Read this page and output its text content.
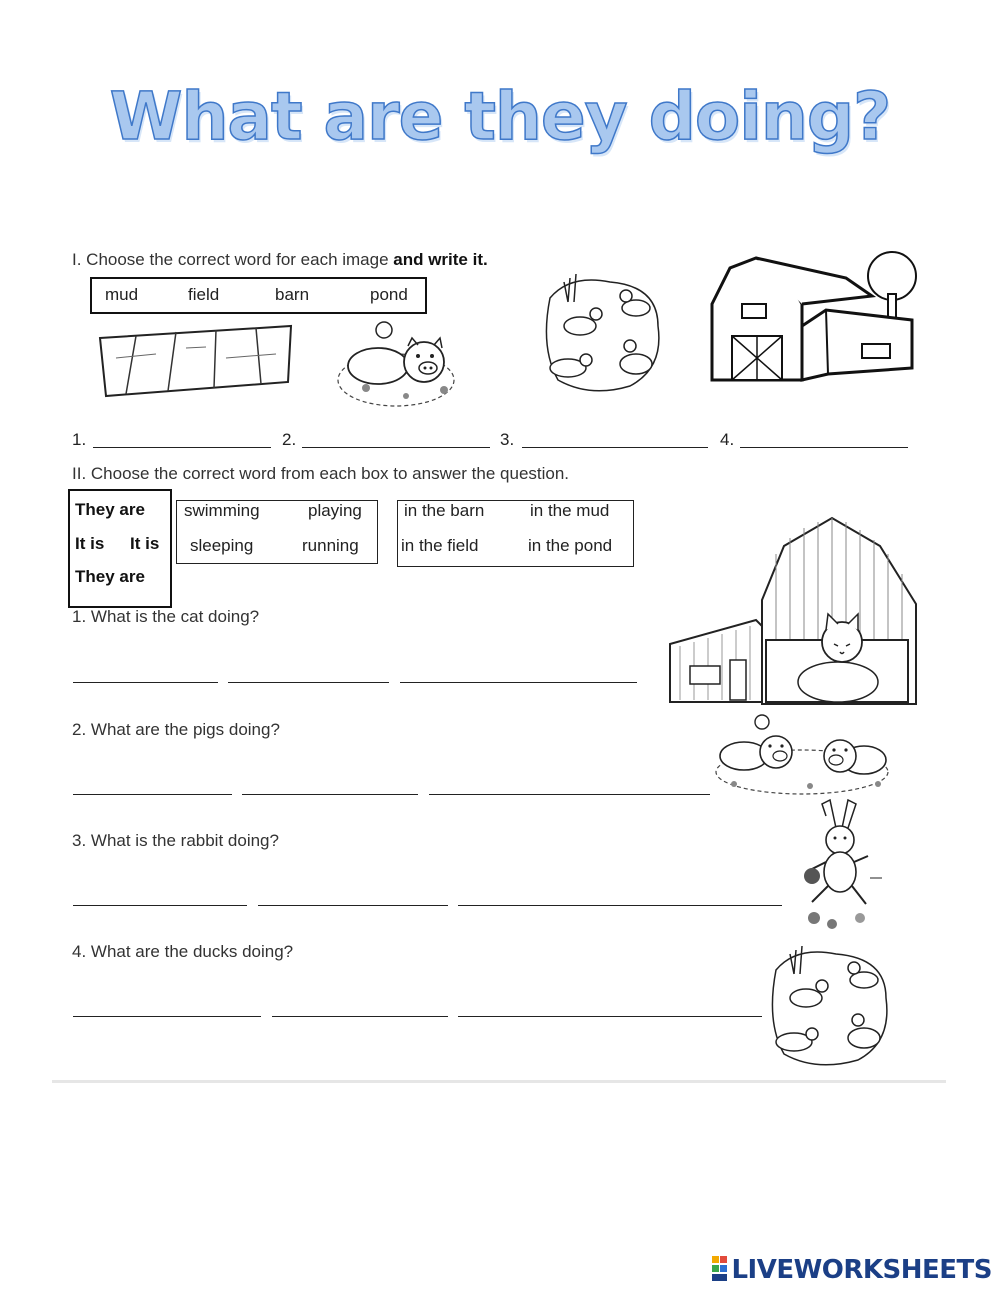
What are they doing?
I. Choose the correct word for each image and write it.
mud	field	barn	pond
1.	2.	3.	4.
II. Choose the correct word from each box to answer the question.
They are
It is It is
They are
swimming	playing
sleeping	running
in the barn	in the mud
in the field	in the pond
1. What is the cat doing?
2. What are the pigs doing?
3. What is the rabbit doing?
4. What are the ducks doing?
LIVEWORKSHEETS
